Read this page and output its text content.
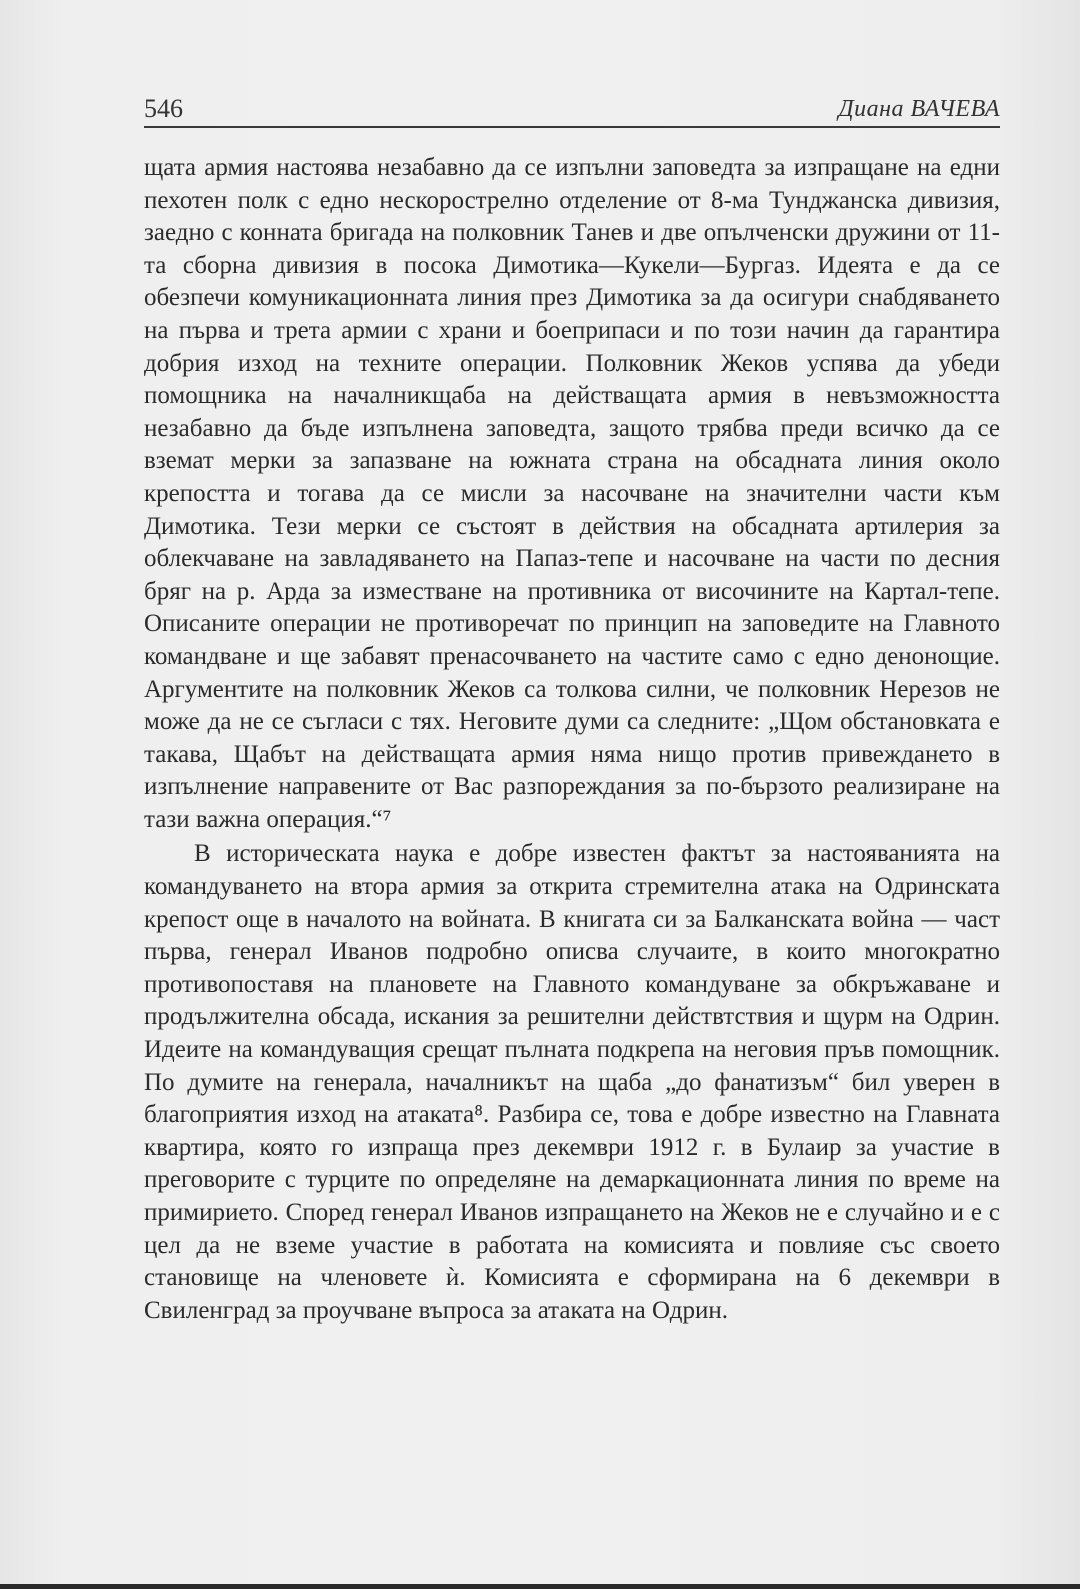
546	Диана ВАЧЕВА

щата армия настоява незабавно да се изпълни заповедта за изпращане на едни пехотен полк с едно нескорострелно отделение от 8-ма Тунджанска дивизия, заедно с конната бригада на полковник Танев и две опълченски дружини от 11-та сборна дивизия в посока Димотика—Кукели—Бургаз. Идеята е да се обезпечи комуникационната линия през Димотика за да осигури снабдяването на първа и трета армии с храни и боеприпаси и по този начин да гарантира добрия изход на техните операции. Полковник Жеков успява да убеди помощника на началникщаба на действащата армия в невъзможността незабавно да бъде изпълнена заповедта, защото трябва преди всичко да се вземат мерки за запазване на южната страна на обсадната линия около крепостта и тогава да се мисли за насочване на значителни части към Димотика. Тези мерки се състоят в действия на обсадната артилерия за облекчаване на завладяването на Папаз-тепе и насочване на части по десния бряг на р. Арда за изместване на противника от височините на Картал-тепе. Описаните операции не противоречат по принцип на заповедите на Главното командване и ще забавят пренасочването на частите само с едно денонощие. Аргументите на полковник Жеков са толкова силни, че полковник Нерезов не може да не се съгласи с тях. Неговите думи са следните: „Щом обстановката е такава, Щабът на действащата армия няма нищо против привеждането в изпълнение направените от Вас разпореждания за по-бързото реализиране на тази важна операция.“⁷

В историческата наука е добре известен фактът за настояванията на командуването на втора армия за открита стремителна атака на Одринската крепост още в началото на войната. В книгата си за Балканската война — част първа, генерал Иванов подробно описва случаите, в които многократно противопоставя на плановете на Главното командуване за обкръжаване и продължителна обсада, искания за решителни действтствия и щурм на Одрин. Идеите на командуващия срещат пълната подкрепа на неговия пръв помощник. По думите на генерала, началникът на щаба „до фанатизъм“ бил уверен в благоприятия изход на атаката⁸. Разбира се, това е добре известно на Главната квартира, която го изпраща през декември 1912 г. в Булаир за участие в преговорите с турците по определяне на демаркационната линия по време на примирието. Според генерал Иванов изпращането на Жеков не е случайно и е с цел да не вземе участие в работата на комисията и повлияе със своето становище на членовете ѝ. Комисията е сформирана на 6 декември в Свиленград за проучване въпроса за атаката на Одрин.
